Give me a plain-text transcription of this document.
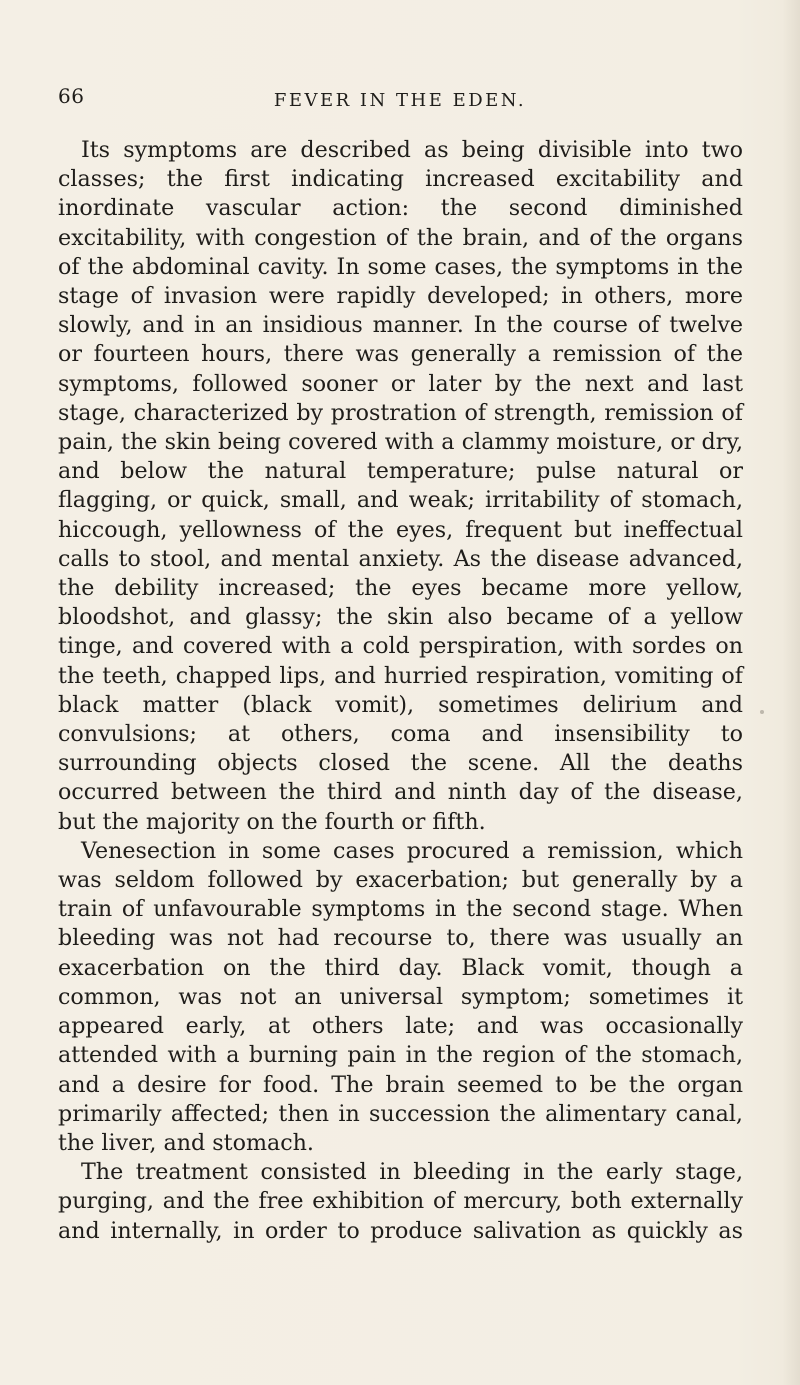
66	FEVER IN THE EDEN.

Its symptoms are described as being divisible into two classes; the first indicating increased excitability and inordinate vascular action: the second diminished excitability, with congestion of the brain, and of the organs of the abdominal cavity. In some cases, the symptoms in the stage of invasion were rapidly developed; in others, more slowly, and in an insidious manner. In the course of twelve or fourteen hours, there was generally a remission of the symptoms, followed sooner or later by the next and last stage, characterized by prostration of strength, remission of pain, the skin being covered with a clammy moisture, or dry, and below the natural temperature; pulse natural or flagging, or quick, small, and weak; irritability of stomach, hiccough, yellowness of the eyes, frequent but ineffectual calls to stool, and mental anxiety. As the disease advanced, the debility increased; the eyes became more yellow, bloodshot, and glassy; the skin also became of a yellow tinge, and covered with a cold perspiration, with sordes on the teeth, chapped lips, and hurried respiration, vomiting of black matter (black vomit), sometimes delirium and convulsions; at others, coma and insensibility to surrounding objects closed the scene. All the deaths occurred between the third and ninth day of the disease, but the majority on the fourth or fifth.

Venesection in some cases procured a remission, which was seldom followed by exacerbation; but generally by a train of unfavourable symptoms in the second stage. When bleeding was not had recourse to, there was usually an exacerbation on the third day. Black vomit, though a common, was not an universal symptom; sometimes it appeared early, at others late; and was occasionally attended with a burning pain in the region of the stomach, and a desire for food. The brain seemed to be the organ primarily affected; then in succession the alimentary canal, the liver, and stomach.

The treatment consisted in bleeding in the early stage, purging, and the free exhibition of mercury, both externally and internally, in order to produce salivation as quickly as
